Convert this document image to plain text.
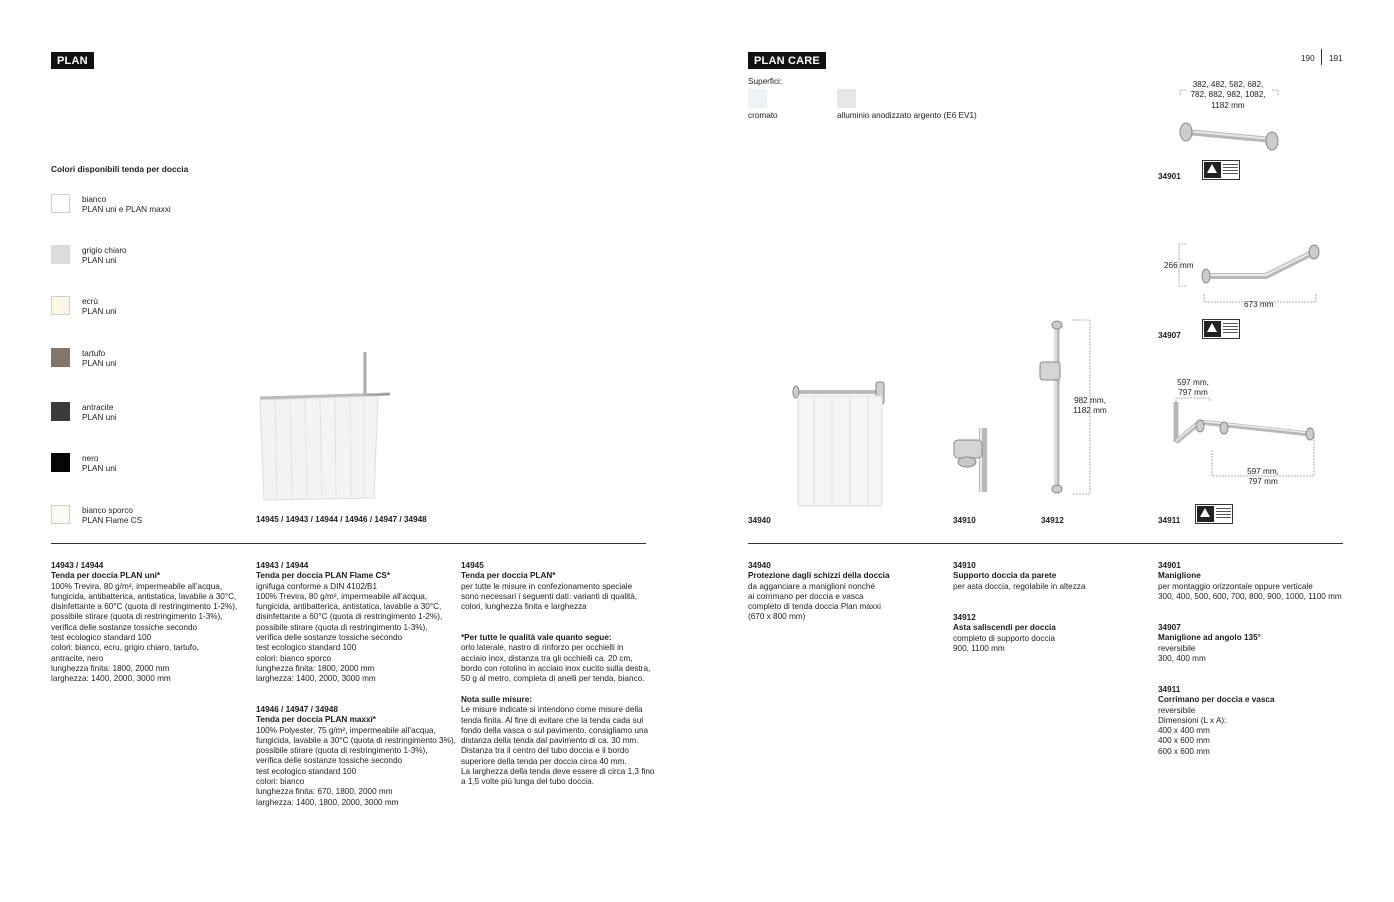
PLAN
Colori disponibili tenda per doccia
bianco
PLAN uni e PLAN maxxi
grigio chiaro
PLAN uni
ecrù
PLAN uni
tartufo
PLAN uni
antracite
PLAN uni
nero
PLAN uni
bianco sporco
PLAN Flame CS	14945 / 14943 / 14944 / 14946 / 14947 / 34948
14943 / 14944
Tenda per doccia PLAN uni*
100% Trevira, 80 g/m², impermeabile all’acqua,
fungicida, antibatterica, antistatica, lavabile a 30°C,
disinfettante a 60°C (quota di restringimento 1-2%),
possibile stirare (quota di restringimento 1-3%),
verifica delle sostanze tossiche secondo
test ecologico standard 100
colori: bianco, ecru, grigio chiaro, tartufo,
antracite, nero
lunghezza finita: 1800, 2000 mm
larghezza: 1400, 2000, 3000 mm
14943 / 14944
Tenda per doccia PLAN Flame CS*
ignifuga conforme a DIN 4102/B1
100% Trevira, 80 g/m², impermeabile all’acqua,
fungicida, antibatterica, antistatica, lavabile a 30°C,
disinfettante a 60°C (quota di restringimento 1-2%),
possibile stirare (quota di restringimento 1-3%),
verifica delle sostanze tossiche secondo
test ecologico standard 100
colori: bianco sporco
lunghezza finita: 1800, 2000 mm
larghezza: 1400, 2000, 3000 mm
14946 / 14947 / 34948
Tenda per doccia PLAN maxxi*
100% Polyester, 75 g/m², impermeabile all’acqua,
fungicida, lavabile a 30°C (quota di restringimento 3%),
possibile stirare (quota di restringimento 1-3%),
verifica delle sostanze tossiche secondo
test ecologico standard 100
colori: bianco
lunghezza finita: 670, 1800, 2000 mm
larghezza: 1400, 1800, 2000, 3000 mm
14945
Tenda per doccia PLAN*
per tutte le misure in confezionamento speciale
sono necessari i seguenti dati: varianti di qualità,
colori, lunghezza finita e larghezza
*Per tutte le qualità vale quanto segue:
orlo laterale, nastro di rinforzo per occhielli in
acciaio inox, distanza tra gli occhielli ca. 20 cm,
bordo con rotolino in acciaio inox cucito sulla destra,
50 g al metro, completa di anelli per tenda, bianco.
Nota sulle misure:
Le misure indicate si intendono come misure della
tenda finita. Al fine di evitare che la tenda cada sul
fondo della vasca o sul pavimento, consigliamo una
distanza della tenda dal pavimento di ca. 30 mm.
Distanza tra il centro del tubo doccia e il bordo
superiore della tenda per doccia circa 40 mm.
La larghezza della tenda deve essere di circa 1,3 fino
a 1,5 volte più lunga del tubo doccia.
PLAN CARE	190 191
Superfici:
cromato	alluminio anodizzato argento (E6 EV1)
382, 482, 582, 682,
782, 882, 982, 1082,
1182 mm
34901
266 mm
673 mm
34907
597 mm,
797 mm
597 mm,
797 mm
34911
982 mm,
1182 mm
34912
34910
34940
34940
Protezione dagli schizzi della doccia
da agganciare a maniglioni nonché
ai corrimano per doccia e vasca
completo di tenda doccia Plan maxxi
(670 x 800 mm)
34910
Supporto doccia da parete
per asta doccia, regolabile in altezza
34912
Asta saliscendi per doccia
completo di supporto doccia
900, 1100 mm
34901
Maniglione
per montaggio orizzontale oppure verticale
300, 400, 500, 600, 700, 800, 900, 1000, 1100 mm
34907
Maniglione ad angolo 135°
reversibile
300, 400 mm
34911
Corrimano per doccia e vasca
reversibile
Dimensioni (L x A):
400 x 400 mm
400 x 600 mm
600 x 600 mm
